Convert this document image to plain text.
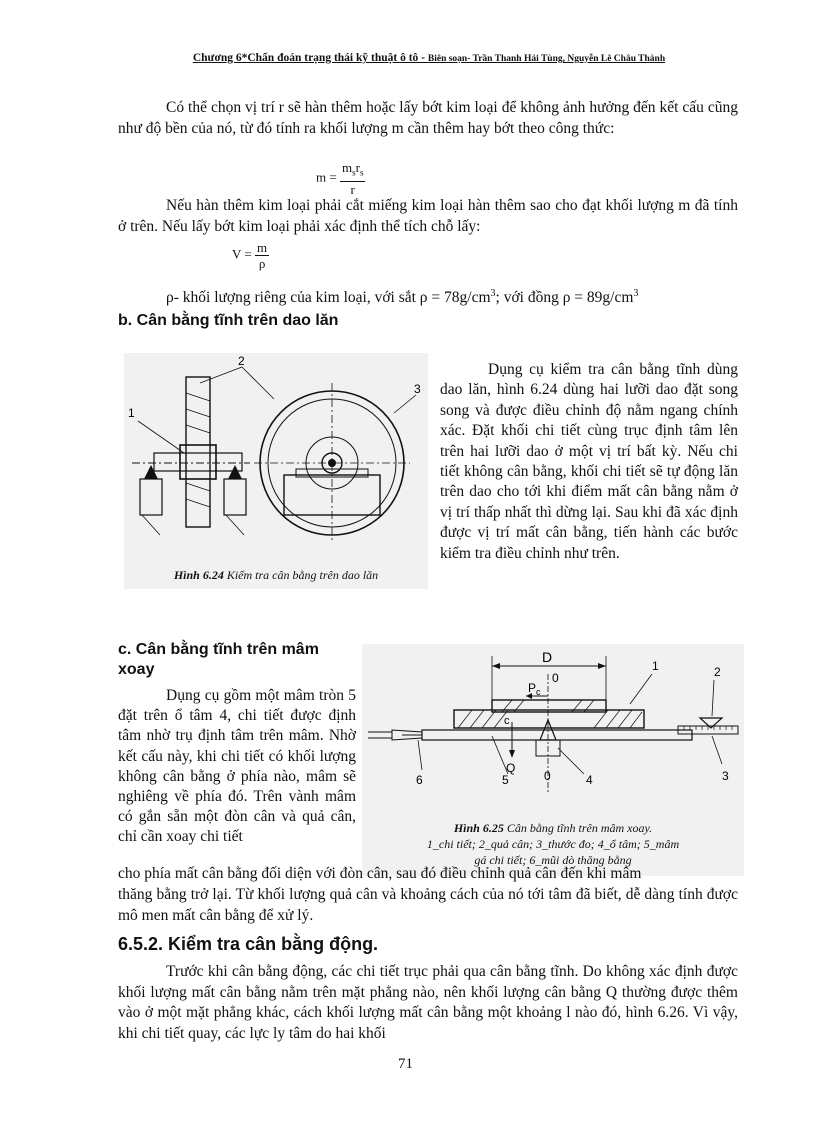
Chương 6*Chẩn đoán trạng thái kỹ thuật ô tô - Biên soạn- Trần Thanh Hải Tùng, Nguyễn Lê Châu Thành
Có thể chọn vị trí r sẽ hàn thêm hoặc lấy bớt kim loại để không ảnh hưởng đến kết cấu cũng như độ bền của nó, từ đó tính ra khối lượng m cần thêm hay bớt theo công thức:
$m = \frac{m_sr_s}{r}$
Nếu hàn thêm kim loại phải cắt miếng kim loại hàn thêm sao cho đạt khối lượng m đã tính ở trên. Nếu lấy bớt kim loại phải xác định thể tích chỗ lấy:
$V = \frac{m}{\rho}$
ρ- khối lượng riêng của kim loại, với sắt $\rho = 78g/cm^3$; với đồng $\rho = 89g/cm^3$
b. Cân bằng tĩnh trên dao lăn
1
2
3
Hình 6.24 Kiểm tra cân bằng trên dao lăn
Dụng cụ kiểm tra cân bằng tĩnh dùng dao lăn, hình 6.24 dùng hai lưỡi dao đặt song song và được điều chỉnh độ nằm ngang chính xác. Đặt khối chi tiết cùng trục định tâm lên trên hai lưỡi dao ở một vị trí bất kỳ. Nếu chi tiết không cân bằng, khối chi tiết sẽ tự động lăn trên dao cho tới khi điểm mất cân bằng nằm ở vị trí thấp nhất thì dừng lại. Sau khi đã xác định được vị trí mất cân bằng, tiến hành các bước kiểm tra điều chỉnh như trên.
c. Cân bằng tĩnh trên mâm
xoay
Dụng cụ gồm một mâm tròn 5 đặt trên ổ tâm 4, chi tiết được định tâm nhờ trụ định tâm trên mâm. Nhờ kết cấu này, khi chi tiết có khối lượng không cân bằng ở phía nào, mâm sẽ nghiêng về phía đó. Trên vành mâm có gắn sẵn một đòn cân và quả cân, chỉ cần xoay chi tiết
D
0
$P_c$
Q
c
0
1	2
3
4
5
6
Hình 6.25 Cân bằng tĩnh trên mâm xoay.
1_chi tiết; 2_quả cân; 3_thước đo; 4_ổ tâm; 5_mâm
gá chi tiết; 6_mũi dò thăng bằng
cho phía mất cân bằng đối diện với đòn cân, sau đó điều chỉnh quả cân đến khi mâm
thăng bằng trở lại. Từ khối lượng quả cân và khoảng cách của nó tới tâm đã biết, dễ dàng tính được mô men mất cân bằng để xử lý.
6.5.2. Kiểm tra cân bằng động.
Trước khi cân bằng động, các chi tiết trục phải qua cân bằng tĩnh. Do không xác định được khối lượng mất cân bằng nằm trên mặt phẳng nào, nên khối lượng cân bằng Q thường được thêm vào ở một mặt phẳng khác, cách khối lượng mất cân bằng một khoảng l nào đó, hình 6.26. Vì vậy, khi chi tiết quay, các lực ly tâm do hai khối
71
